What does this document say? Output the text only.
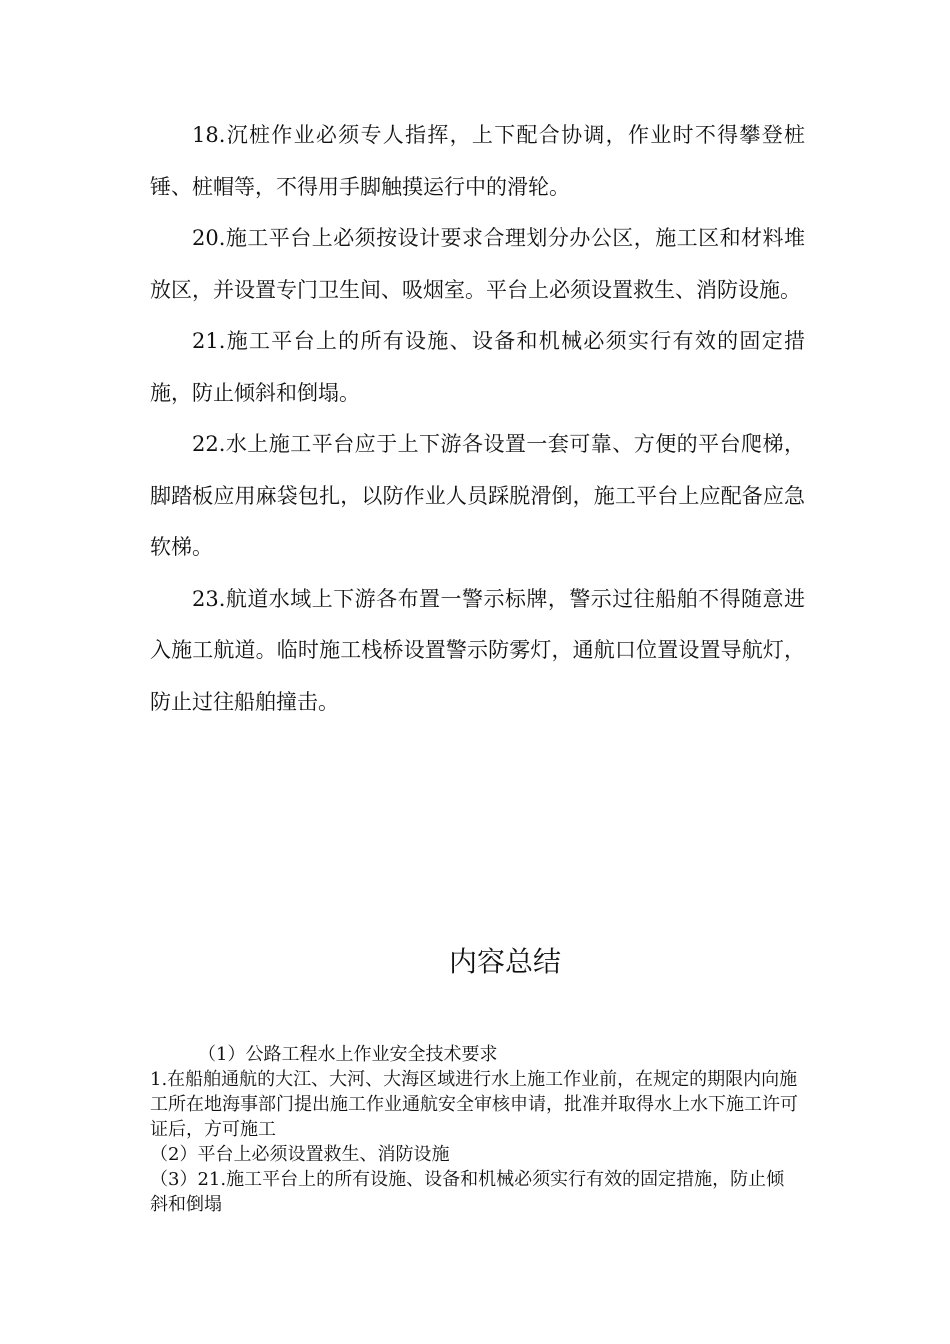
18.沉桩作业必须专人指挥，上下配合协调，作业时不得攀登桩锤、桩帽等，不得用手脚触摸运行中的滑轮。

20.施工平台上必须按设计要求合理划分办公区，施工区和材料堆放区，并设置专门卫生间、吸烟室。平台上必须设置救生、消防设施。

21.施工平台上的所有设施、设备和机械必须实行有效的固定措施，防止倾斜和倒塌。

22.水上施工平台应于上下游各设置一套可靠、方便的平台爬梯，脚踏板应用麻袋包扎，以防作业人员踩脱滑倒，施工平台上应配备应急软梯。

23.航道水域上下游各布置一警示标牌，警示过往船舶不得随意进入施工航道。临时施工栈桥设置警示防雾灯，通航口位置设置导航灯，防止过往船舶撞击。

内容总结

（1）公路工程水上作业安全技术要求

1.在船舶通航的大江、大河、大海区域进行水上施工作业前，在规定的期限内向施工所在地海事部门提出施工作业通航安全审核申请，批准并取得水上水下施工许可证后，方可施工

（2）平台上必须设置救生、消防设施

（3）21.施工平台上的所有设施、设备和机械必须实行有效的固定措施，防止倾斜和倒塌
